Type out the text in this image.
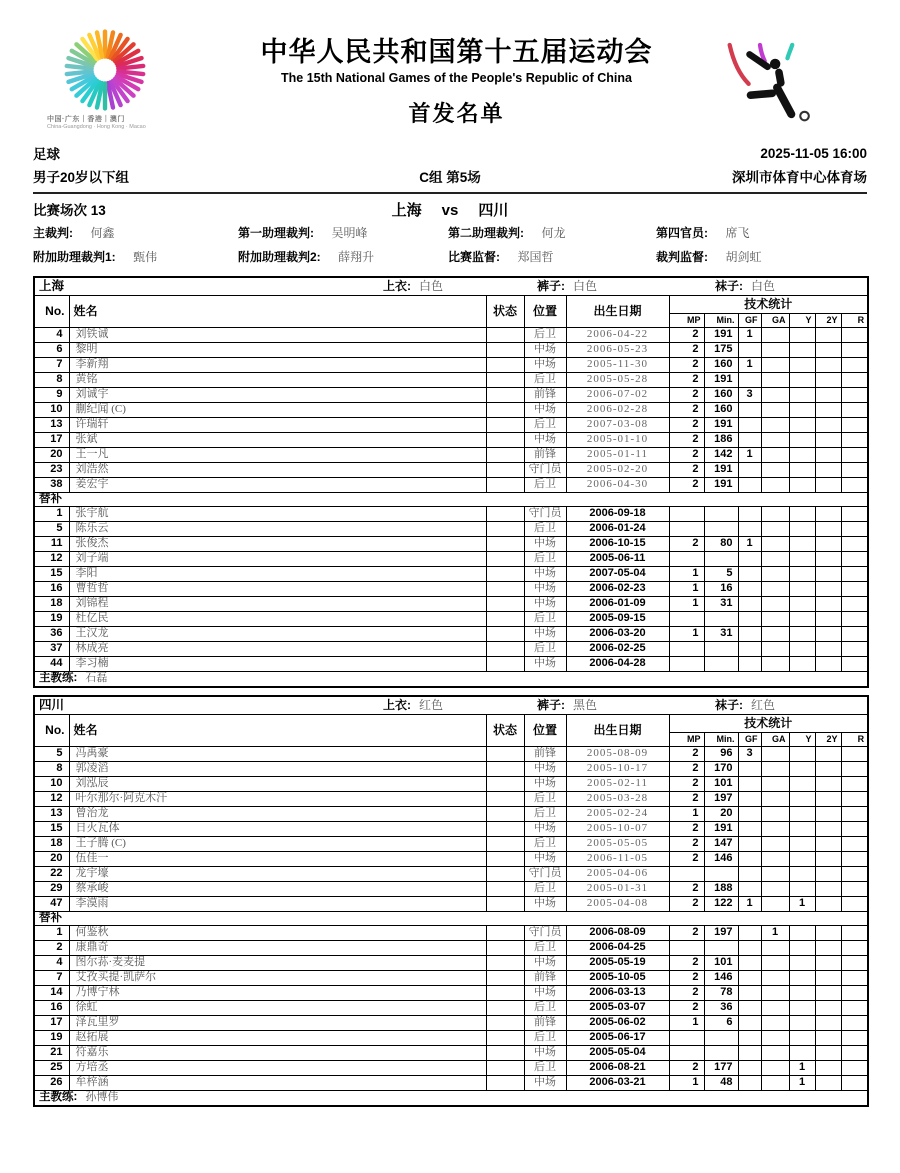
中国·广东｜香港｜澳门
China-Guangdong · Hong Kong · Macao
中华人民共和国第十五届运动会
The 15th National Games of the People's Republic of China
首发名单
足球	2025-11-05 16:00
男子20岁以下组	C组 第5场	深圳市体育中心体育场
比赛场次 13	上海 vs 四川
主裁判: 何鑫	第一助理裁判: 吴明峰	第二助理裁判: 何龙	第四官员: 席飞
附加助理裁判1: 甄伟	附加助理裁判2: 薛翔升	比赛监督: 郑国哲	裁判监督: 胡剑虹
上海 上衣: 白色 裤子: 白色 袜子: 白色											

No.	姓名	状态	位置	出生日期	技术统计						
					MP	Min.	GF	GA	Y	2Y	R
4	刘铁诚		后卫	2006-04-22	2	191	1				
6	黎明		中场	2006-05-23	2	175					
7	李新翔		中场	2005-11-30	2	160	1				
8	黄铭		后卫	2005-05-28	2	191					
9	刘诚宇		前锋	2006-07-02	2	160	3				
10	蒯纪闻 (C)		中场	2006-02-28	2	160					
13	许瑞轩		后卫	2007-03-08	2	191					
17	张斌		中场	2005-01-10	2	186					
20	王一凡		前锋	2005-01-11	2	142	1				
23	刘浩然		守门员	2005-02-20	2	191					
38	姜宏宇		后卫	2006-04-30	2	191					
替补											
1	张宇航		守门员	2006-09-18							
5	陈乐云		后卫	2006-01-24							
11	张俊杰		中场	2006-10-15	2	80	1				
12	刘子端		后卫	2005-06-11							
15	李阳		中场	2007-05-04	1	5					
16	曹哲哲		中场	2006-02-23	1	16					
18	刘锦程		中场	2006-01-09	1	31					
19	杜亿民		后卫	2005-09-15							
36	王汉龙		中场	2006-03-20	1	31					
37	林成亮		后卫	2006-02-25							
44	李习楠		中场	2006-04-28							
主教练: 石磊											
四川 上衣: 红色 裤子: 黑色 袜子: 红色											

No.	姓名	状态	位置	出生日期	技术统计						
					MP	Min.	GF	GA	Y	2Y	R
5	冯禹豪		前锋	2005-08-09	2	96	3				
8	郭凌滔		中场	2005-10-17	2	170					
10	刘泓辰		中场	2005-02-11	2	101					
12	叶尔那尔·阿克木汗		后卫	2005-03-28	2	197					
13	曾治龙		后卫	2005-02-24	1	20					
15	日火瓦体		中场	2005-10-07	2	191					
18	王子腾 (C)		后卫	2005-05-05	2	147					
20	伍佳一		中场	2006-11-05	2	146					
22	龙宇壕		守门员	2005-04-06							
29	蔡承峻		后卫	2005-01-31	2	188					
47	李漠雨		中场	2005-04-08	2	122	1		1		
替补											
1	何鉴秋		守门员	2006-08-09	2	197		1			
2	康鼎奇		后卫	2006-04-25							
4	图尔荪·麦麦提		中场	2005-05-19	2	101					
7	艾孜买提·凯萨尔		前锋	2005-10-05	2	146					
14	乃博宁林		中场	2006-03-13	2	78					
16	徐虹		后卫	2005-03-07	2	36					
17	泽瓦里罗		前锋	2005-06-02	1	6					
19	赵拓展		后卫	2005-06-17							
21	符嘉乐		中场	2005-05-04							
25	方培丞		后卫	2006-08-21	2	177			1		
26	牟梓涵		中场	2006-03-21	1	48			1		
主教练: 孙博伟											
